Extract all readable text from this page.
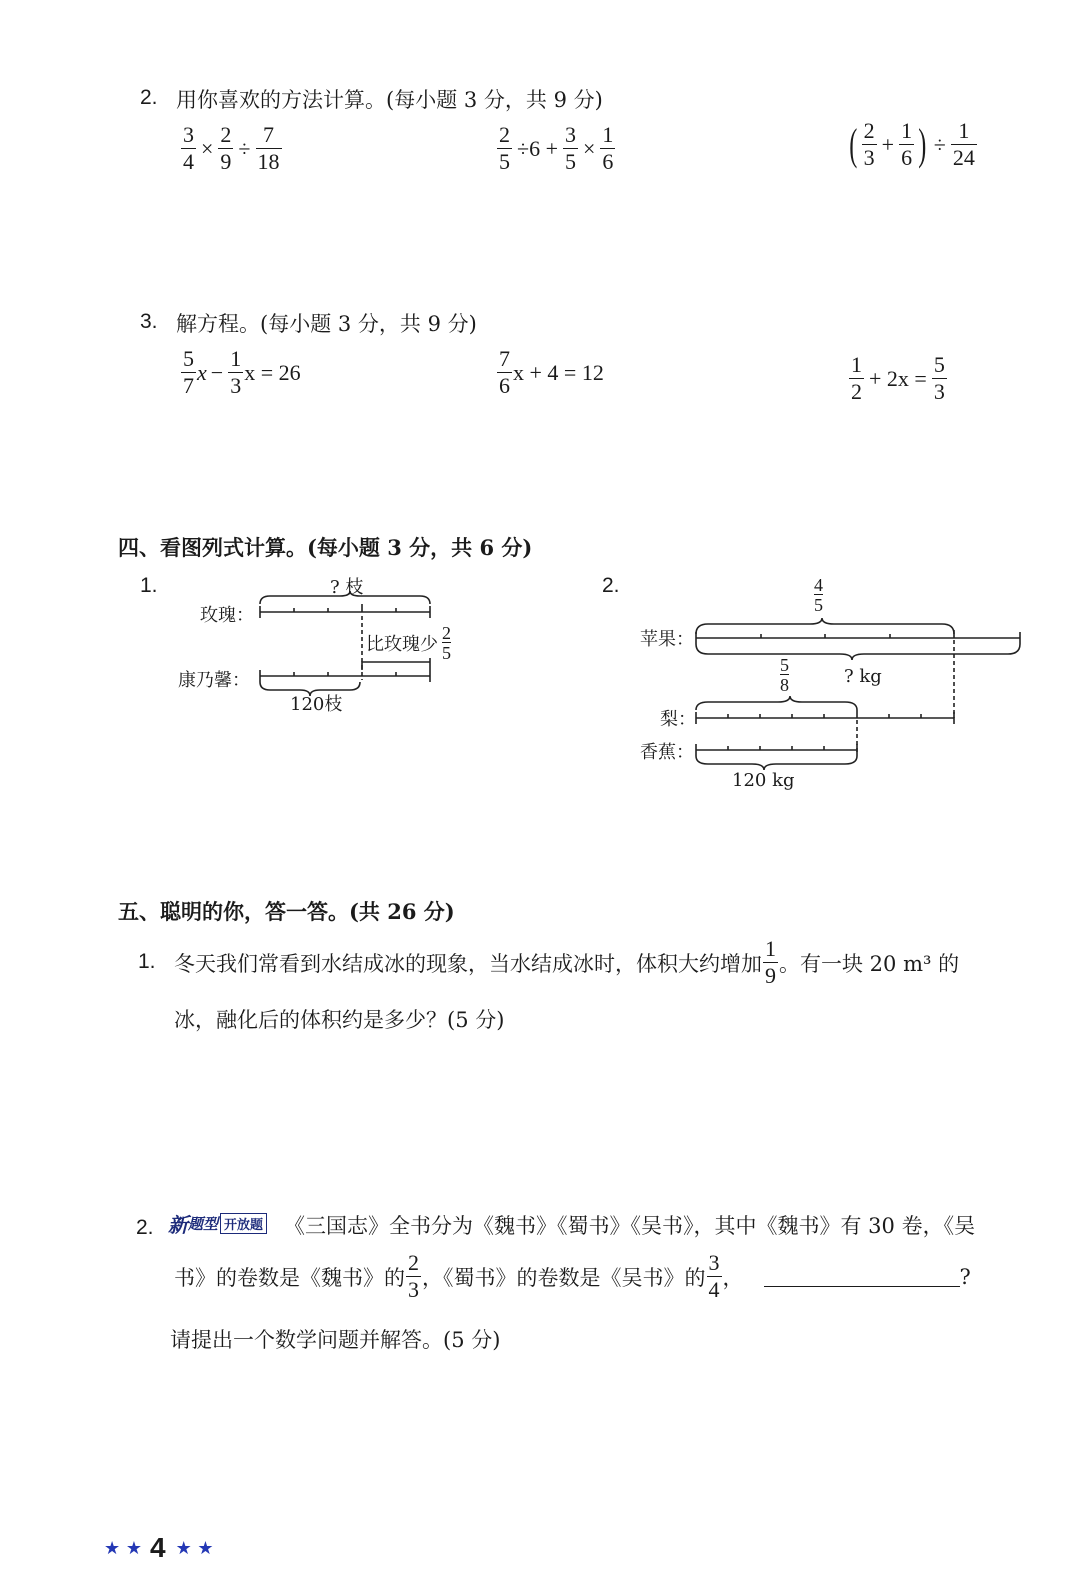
2. 用你喜欢的方法计算。(每小题 3 分，共 9 分)
$\frac{3}{4} \times \frac{2}{9} \div \frac{7}{18}$	$\frac{2}{5} \div 6 + \frac{3}{5} \times \frac{1}{6}$	( $\frac{2}{3} + \frac{1}{6}$ ) ÷ $\frac{1}{24}$
3. 解方程。(每小题 3 分，共 9 分)
$\frac{5}{7}$ $x - \frac{1}{3}$ x = 26	$\frac{7}{6}$ x + 4 = 12	$\frac{1}{2} + 2x = \frac{5}{3}$
四、看图列式计算。(每小题 3 分，共 6 分)
1.	? 枝
玫瑰：
康乃馨：
比玫瑰少
2
5
120枝
2.	4
5
苹果：
5
8	? kg
梨：
香蕉：
120 kg
五、聪明的你，答一答。(共 26 分)
1. 冬天我们常看到水结成冰的现象，当水结成冰时，体积大约增加 $\frac{1}{9}$ 。有一块 20 m³ 的
冰，融化后的体积约是多少？(5 分)
2. 新 题型 开放题 《三国志》全书分为《魏书》《蜀书》《吴书》，其中《魏书》有 30 卷，《吴
书》的卷数是《魏书》的 $\frac{2}{3}$ ，《蜀书》的卷数是《吴书》的 $\frac{3}{4}$ ，	?
请提出一个数学问题并解答。(5 分)
★ ★ 4 ★ ★
